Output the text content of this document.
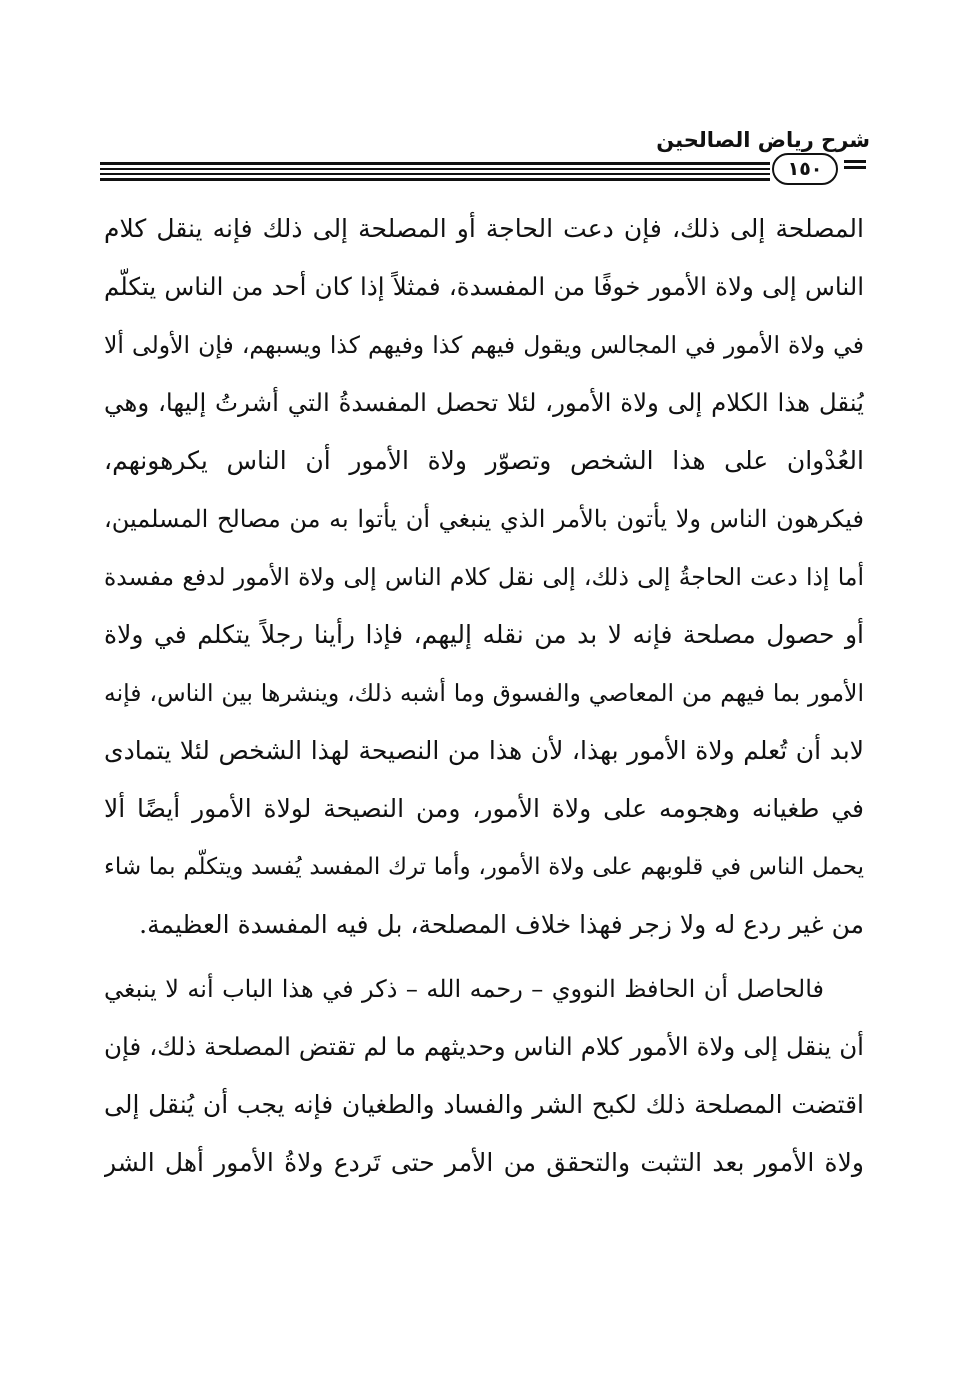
شرح رياض الصالحين
١٥٠
المصلحة إلى ذلك، فإن دعت الحاجة أو المصلحة إلى ذلك فإنه ينقل كلام
الناس إلى ولاة الأمور خوفًا من المفسدة، فمثلاً إذا كان أحد من الناس يتكلّم
في ولاة الأمور في المجالس ويقول فيهم كذا وفيهم كذا ويسبهم، فإن الأولى ألا
يُنقل هذا الكلام إلى ولاة الأمور، لئلا تحصل المفسدةُ التي أشرتُ إليها، وهي
العُدْوان على هذا الشخص وتصوّر ولاة الأمور أن الناس يكرهونهم،
فيكرهون الناس ولا يأتون بالأمر الذي ينبغي أن يأتوا به من مصالح المسلمين،
أما إذا دعت الحاجةُ إلى ذلك، إلى نقل كلام الناس إلى ولاة الأمور لدفع مفسدة
أو حصول مصلحة فإنه لا بد من نقله إليهم، فإذا رأينا رجلاً يتكلم في ولاة
الأمور بما فيهم من المعاصي والفسوق وما أشبه ذلك، وينشرها بين الناس، فإنه
لابد أن تُعلم ولاة الأمور بهذا، لأن هذا من النصيحة لهذا الشخص لئلا يتمادى
في طغيانه وهجومه على ولاة الأمور، ومن النصيحة لولاة الأمور أيضًا ألا
يحمل الناس في قلوبهم على ولاة الأمور، وأما ترك المفسد يُفسد ويتكلّم بما شاء
من غير ردع له ولا زجر فهذا خلاف المصلحة، بل فيه المفسدة العظيمة.
فالحاصل أن الحافظ النووي – رحمه الله – ذكر في هذا الباب أنه لا ينبغي
أن ينقل إلى ولاة الأمور كلام الناس وحديثهم ما لم تقتض المصلحة ذلك، فإن
اقتضت المصلحة ذلك لكبح الشر والفساد والطغيان فإنه يجب أن يُنقل إلى
ولاة الأمور بعد التثبت والتحقق من الأمر حتى تَردع ولاةُ الأمور أهل الشر
